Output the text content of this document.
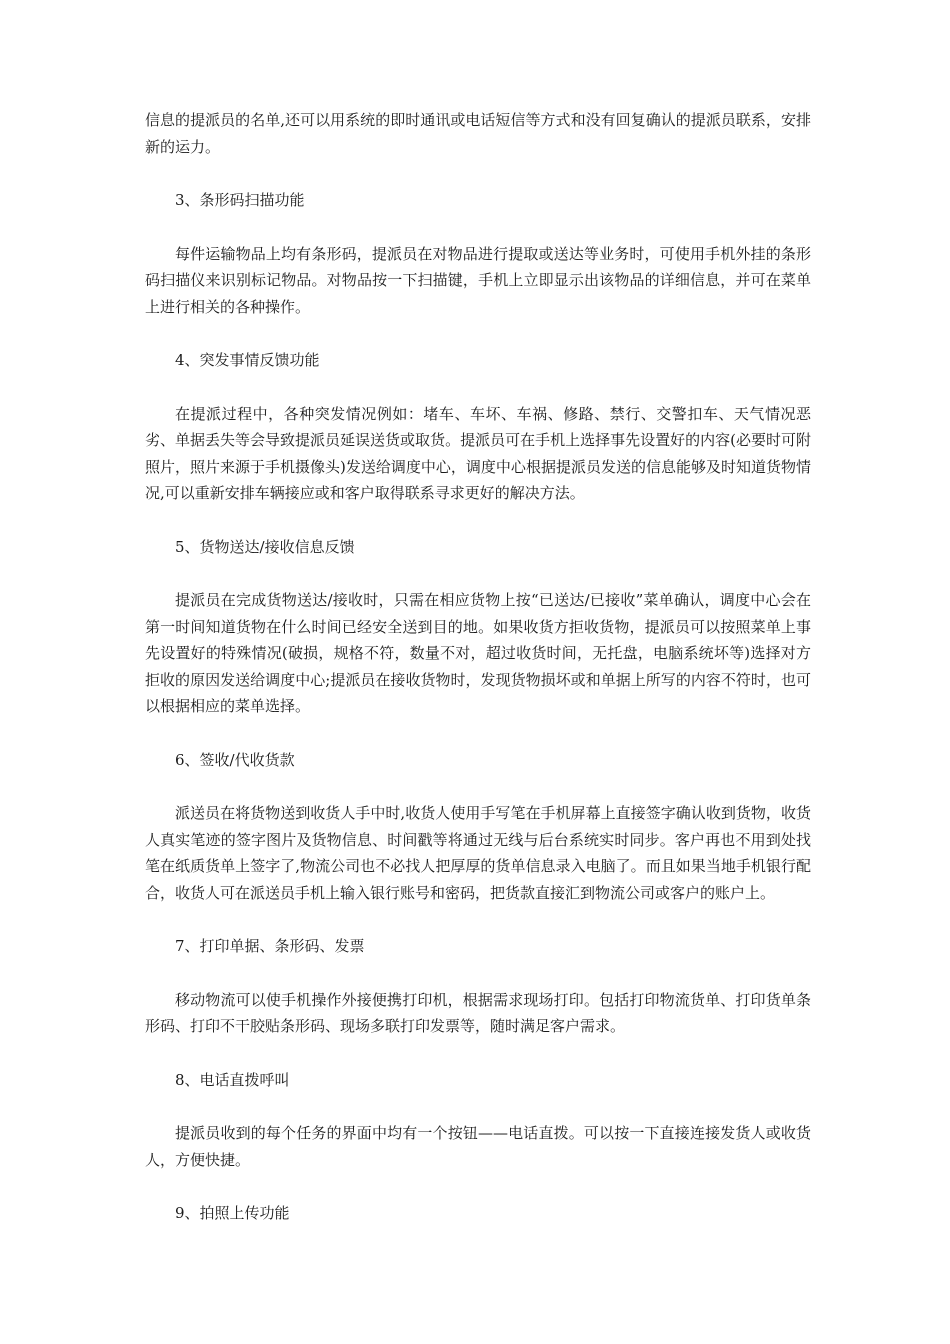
信息的提派员的名单,还可以用系统的即时通讯或电话短信等方式和没有回复确认的提派员联系，安排新的运力。

3、条形码扫描功能

每件运输物品上均有条形码，提派员在对物品进行提取或送达等业务时，可使用手机外挂的条形码扫描仪来识别标记物品。对物品按一下扫描键，手机上立即显示出该物品的详细信息，并可在菜单上进行相关的各种操作。

4、突发事情反馈功能

在提派过程中，各种突发情况例如：堵车、车坏、车祸、修路、禁行、交警扣车、天气情况恶劣、单据丢失等会导致提派员延误送货或取货。提派员可在手机上选择事先设置好的内容(必要时可附照片，照片来源于手机摄像头)发送给调度中心，调度中心根据提派员发送的信息能够及时知道货物情况,可以重新安排车辆接应或和客户取得联系寻求更好的解决方法。

5、货物送达/接收信息反馈

提派员在完成货物送达/接收时，只需在相应货物上按“已送达/已接收”菜单确认，调度中心会在第一时间知道货物在什么时间已经安全送到目的地。如果收货方拒收货物，提派员可以按照菜单上事先设置好的特殊情况(破损，规格不符，数量不对，超过收货时间，无托盘，电脑系统坏等)选择对方拒收的原因发送给调度中心;提派员在接收货物时，发现货物损坏或和单据上所写的内容不符时，也可以根据相应的菜单选择。

6、签收/代收货款

派送员在将货物送到收货人手中时,收货人使用手写笔在手机屏幕上直接签字确认收到货物，收货人真实笔迹的签字图片及货物信息、时间戳等将通过无线与后台系统实时同步。客户再也不用到处找笔在纸质货单上签字了,物流公司也不必找人把厚厚的货单信息录入电脑了。而且如果当地手机银行配合，收货人可在派送员手机上输入银行账号和密码，把货款直接汇到物流公司或客户的账户上。

7、打印单据、条形码、发票

移动物流可以使手机操作外接便携打印机，根据需求现场打印。包括打印物流货单、打印货单条形码、打印不干胶贴条形码、现场多联打印发票等，随时满足客户需求。

8、电话直拨呼叫

提派员收到的每个任务的界面中均有一个按钮——电话直拨。可以按一下直接连接发货人或收货人，方便快捷。

9、拍照上传功能
